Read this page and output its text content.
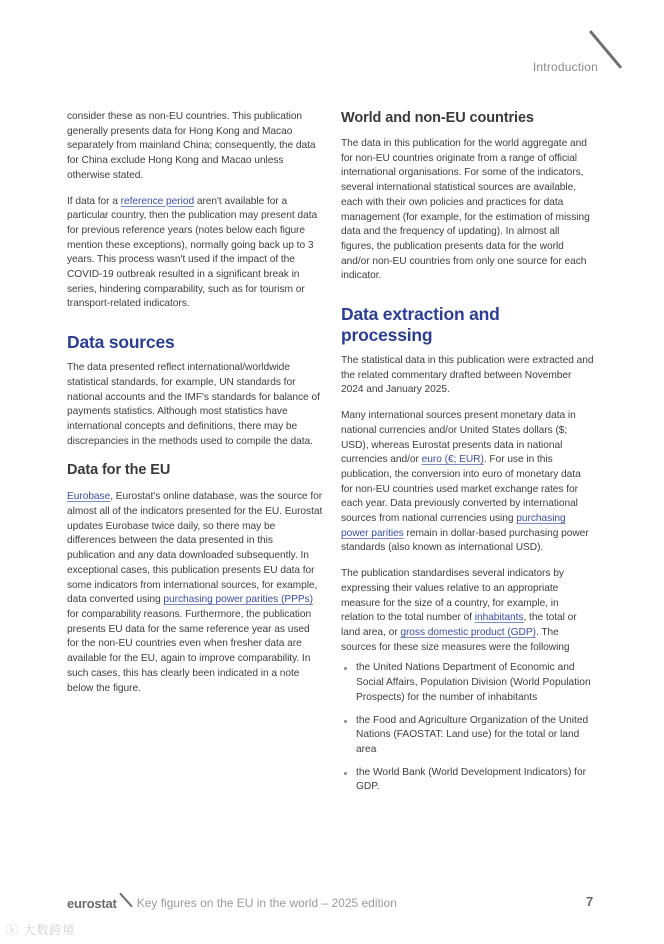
Introduction

consider these as non-EU countries. This publication generally presents data for Hong Kong and Macao separately from mainland China; consequently, the data for China exclude Hong Kong and Macao unless otherwise stated.

If data for a reference period aren't available for a particular country, then the publication may present data for previous reference years (notes below each figure mention these exceptions), normally going back up to 3 years. This process wasn't used if the impact of the COVID-19 outbreak resulted in a significant break in series, hindering comparability, such as for tourism or transport-related indicators.

Data sources

The data presented reflect international/worldwide statistical standards, for example, UN standards for national accounts and the IMF's standards for balance of payments statistics. Although most statistics have international concepts and definitions, there may be discrepancies in the methods used to compile the data.

Data for the EU

Eurobase, Eurostat's online database, was the source for almost all of the indicators presented for the EU. Eurostat updates Eurobase twice daily, so there may be differences between the data presented in this publication and any data downloaded subsequently. In exceptional cases, this publication presents EU data for some indicators from international sources, for example, data converted using purchasing power parities (PPPs) for comparability reasons. Furthermore, the publication presents EU data for the same reference year as used for the non-EU countries even when fresher data are available for the EU, again to improve comparability. In such cases, this has clearly been indicated in a note below the figure.

World and non-EU countries

The data in this publication for the world aggregate and for non-EU countries originate from a range of official international organisations. For some of the indicators, several international statistical sources are available, each with their own policies and practices for data management (for example, for the estimation of missing data and the frequency of updating). In almost all figures, the publication presents data for the world and/or non-EU countries from only one source for each indicator.

Data extraction and processing

The statistical data in this publication were extracted and the related commentary drafted between November 2024 and January 2025.

Many international sources present monetary data in national currencies and/or United States dollars ($; USD), whereas Eurostat presents data in national currencies and/or euro (€; EUR). For use in this publication, the conversion into euro of monetary data for non-EU countries used market exchange rates for each year. Data previously converted by international sources from national currencies using purchasing power parities remain in dollar-based purchasing power standards (also known as international USD).

The publication standardises several indicators by expressing their values relative to an appropriate measure for the size of a country, for example, in relation to the total number of inhabitants, the total or land area, or gross domestic product (GDP). The sources for these size measures were the following

the United Nations Department of Economic and Social Affairs, Population Division (World Population Prospects) for the number of inhabitants
the Food and Agriculture Organization of the United Nations (FAOSTAT: Land use) for the total or land area
the World Bank (World Development Indicators) for GDP.
eurostat Key figures on the EU in the world – 2025 edition	7
ⓚ 大数跨境
